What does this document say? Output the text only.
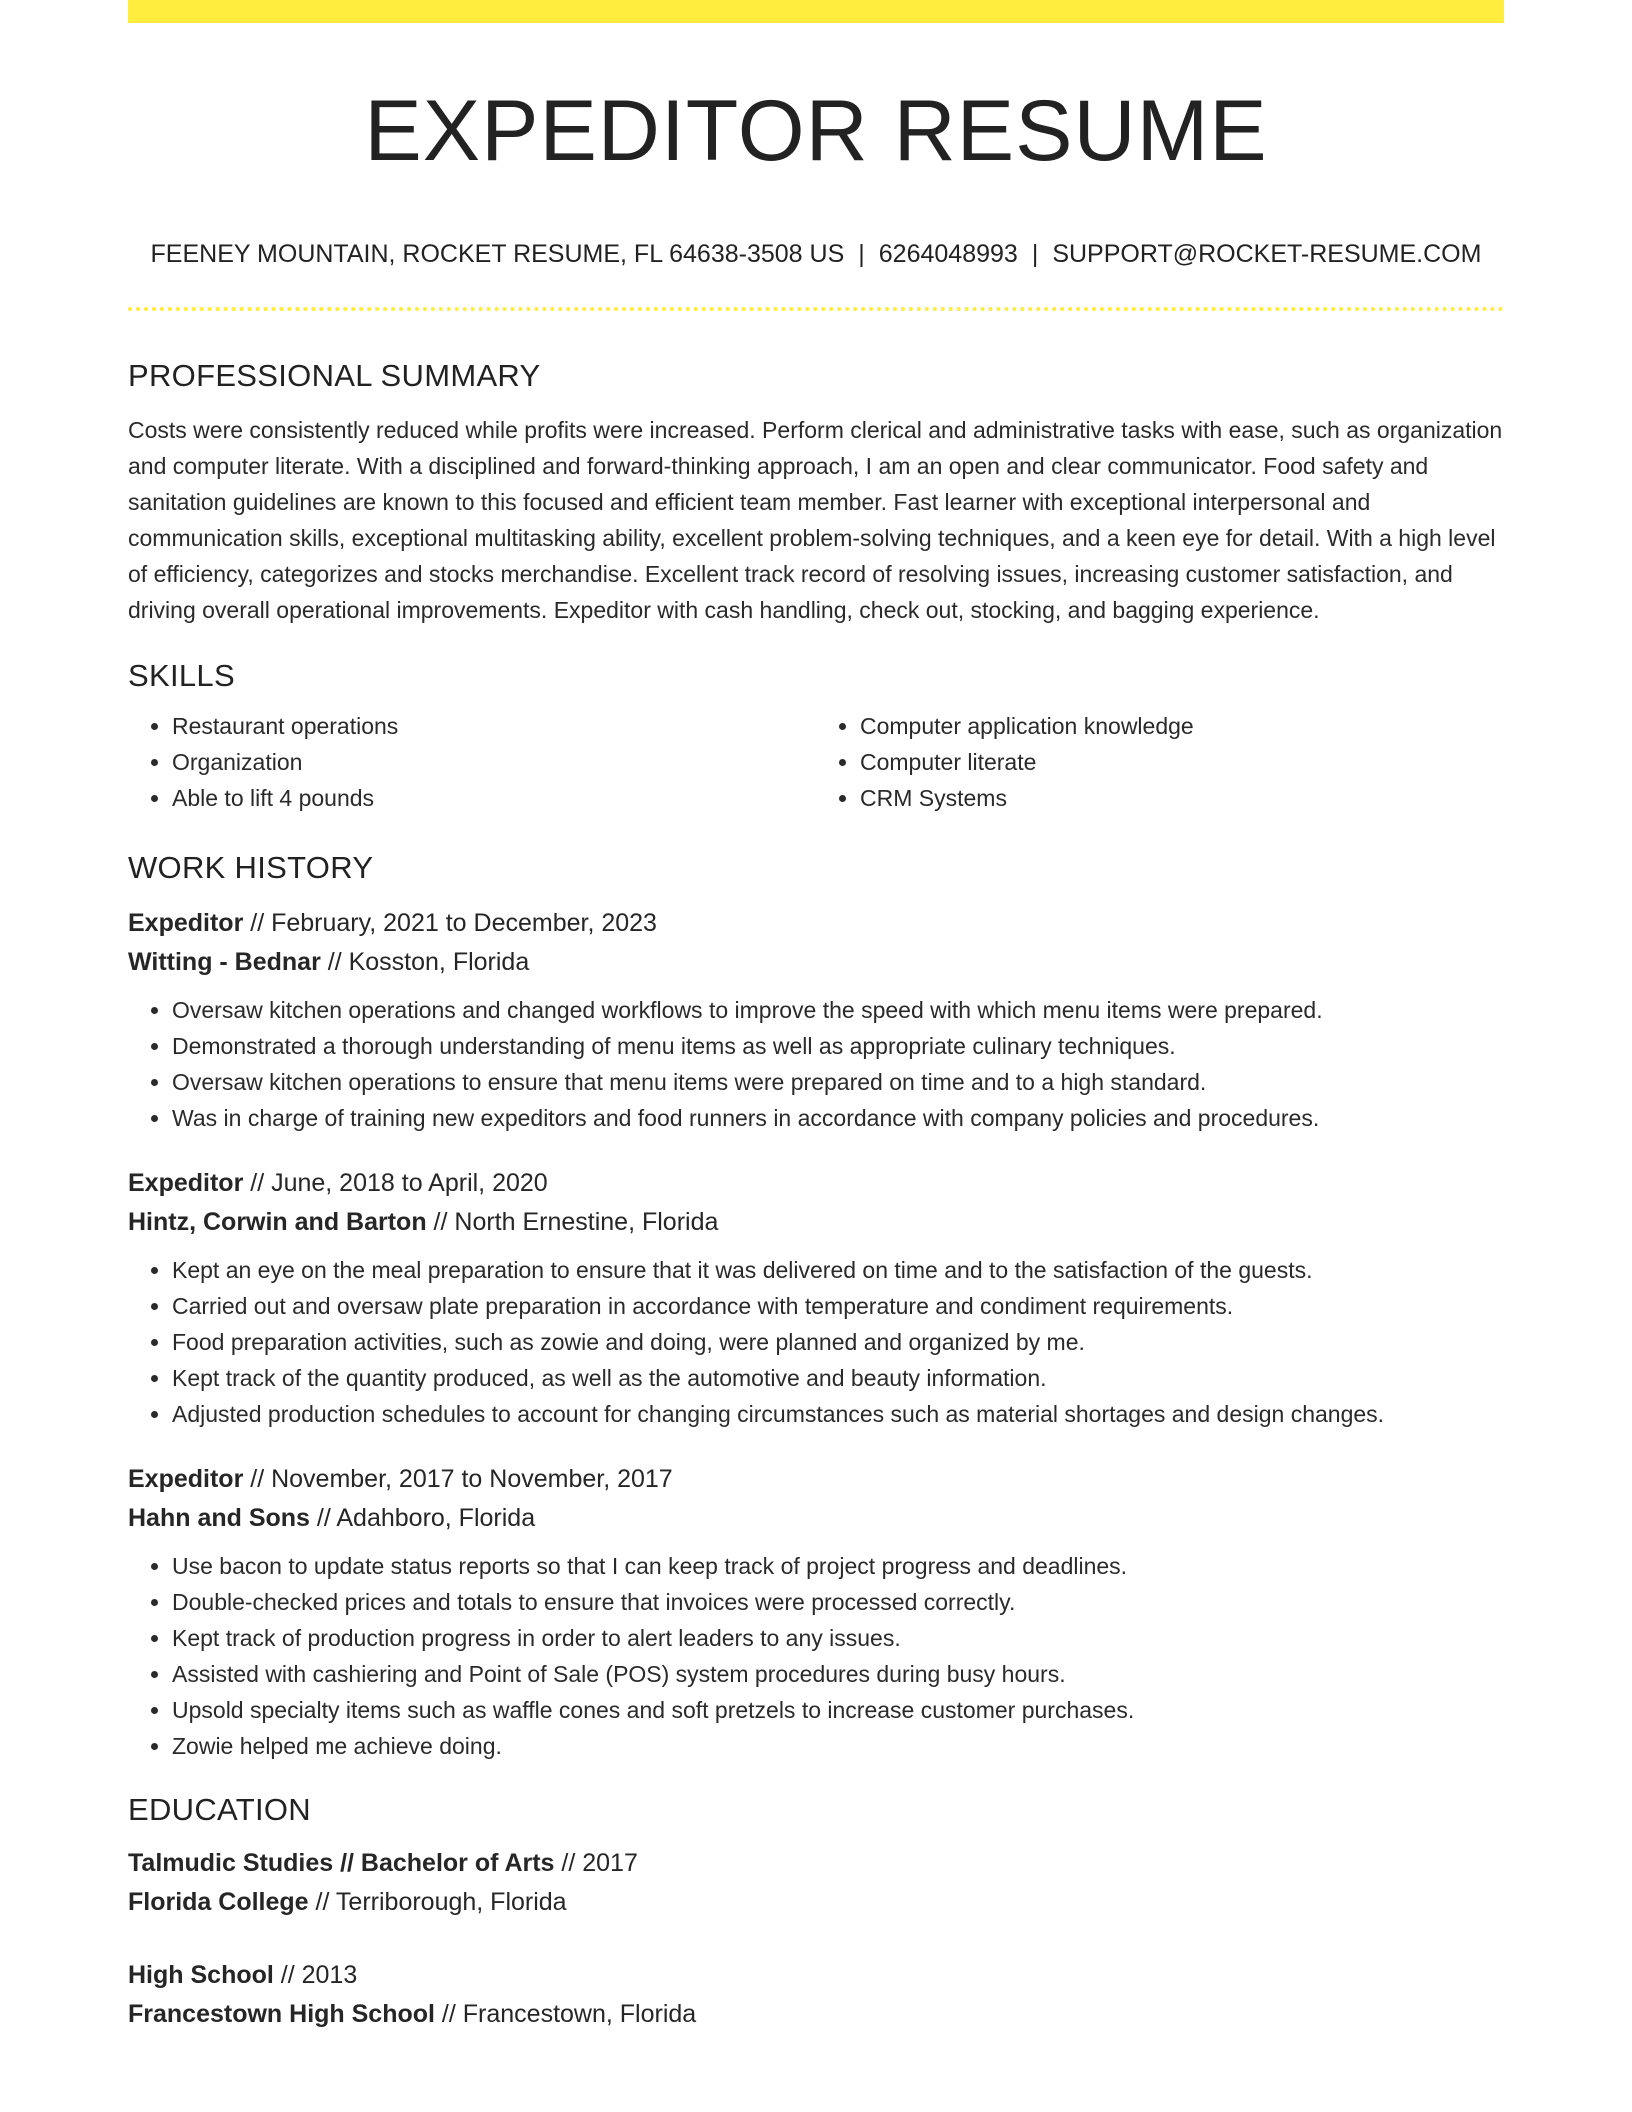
EXPEDITOR RESUME
FEENEY MOUNTAIN, ROCKET RESUME, FL 64638-3508 US | 6264048993 | SUPPORT@ROCKET-RESUME.COM
PROFESSIONAL SUMMARY

Costs were consistently reduced while profits were increased. Perform clerical and administrative tasks with ease, such as organization and computer literate. With a disciplined and forward-thinking approach, I am an open and clear communicator. Food safety and sanitation guidelines are known to this focused and efficient team member. Fast learner with exceptional interpersonal and communication skills, exceptional multitasking ability, excellent problem-solving techniques, and a keen eye for detail. With a high level of efficiency, categorizes and stocks merchandise. Excellent track record of resolving issues, increasing customer satisfaction, and driving overall operational improvements. Expeditor with cash handling, check out, stocking, and bagging experience.

SKILLS
• Restaurant operations
• Organization
• Able to lift 4 pounds
• Computer application knowledge
• Computer literate
• CRM Systems
WORK HISTORY
Expeditor // February, 2021 to December, 2023
Witting - Bednar // Kosston, Florida
• Oversaw kitchen operations and changed workflows to improve the speed with which menu items were prepared.
• Demonstrated a thorough understanding of menu items as well as appropriate culinary techniques.
• Oversaw kitchen operations to ensure that menu items were prepared on time and to a high standard.
• Was in charge of training new expeditors and food runners in accordance with company policies and procedures.
Expeditor // June, 2018 to April, 2020
Hintz, Corwin and Barton // North Ernestine, Florida
• Kept an eye on the meal preparation to ensure that it was delivered on time and to the satisfaction of the guests.
• Carried out and oversaw plate preparation in accordance with temperature and condiment requirements.
• Food preparation activities, such as zowie and doing, were planned and organized by me.
• Kept track of the quantity produced, as well as the automotive and beauty information.
• Adjusted production schedules to account for changing circumstances such as material shortages and design changes.
Expeditor // November, 2017 to November, 2017
Hahn and Sons // Adahboro, Florida
• Use bacon to update status reports so that I can keep track of project progress and deadlines.
• Double-checked prices and totals to ensure that invoices were processed correctly.
• Kept track of production progress in order to alert leaders to any issues.
• Assisted with cashiering and Point of Sale (POS) system procedures during busy hours.
• Upsold specialty items such as waffle cones and soft pretzels to increase customer purchases.
• Zowie helped me achieve doing.
EDUCATION
Talmudic Studies // Bachelor of Arts // 2017
Florida College // Terriborough, Florida
High School // 2013
Francestown High School // Francestown, Florida
